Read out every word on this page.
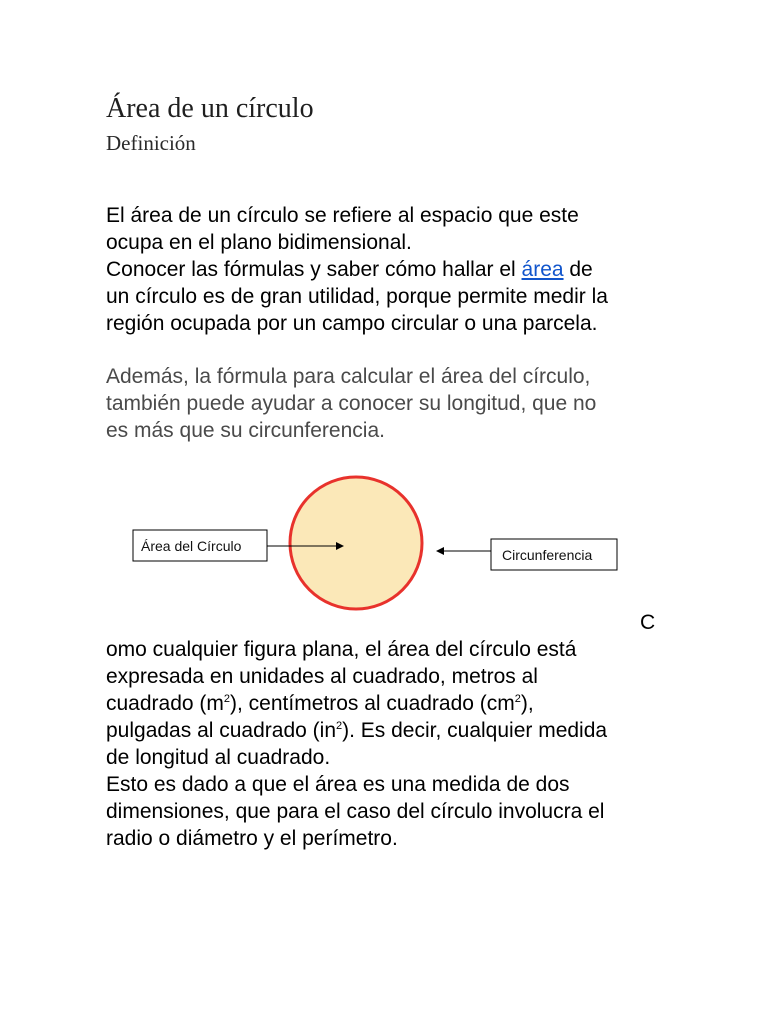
Área de un círculo
Definición
El área de un círculo se refiere al espacio que este
ocupa en el plano bidimensional.
Conocer las fórmulas y saber cómo hallar el área de
un círculo es de gran utilidad, porque permite medir la
región ocupada por un campo circular o una parcela.
Además, la fórmula para calcular el área del círculo,
también puede ayudar a conocer su longitud, que no
es más que su circunferencia.
Área del Círculo
Circunferencia
C
omo cualquier figura plana, el área del círculo está
expresada en unidades al cuadrado, metros al
cuadrado $(m^2)$, centímetros al cuadrado $(cm^2)$,
pulgadas al cuadrado $(in^2)$. Es decir, cualquier medida
de longitud al cuadrado.
Esto es dado a que el área es una medida de dos
dimensiones, que para el caso del círculo involucra el
radio o diámetro y el perímetro.
